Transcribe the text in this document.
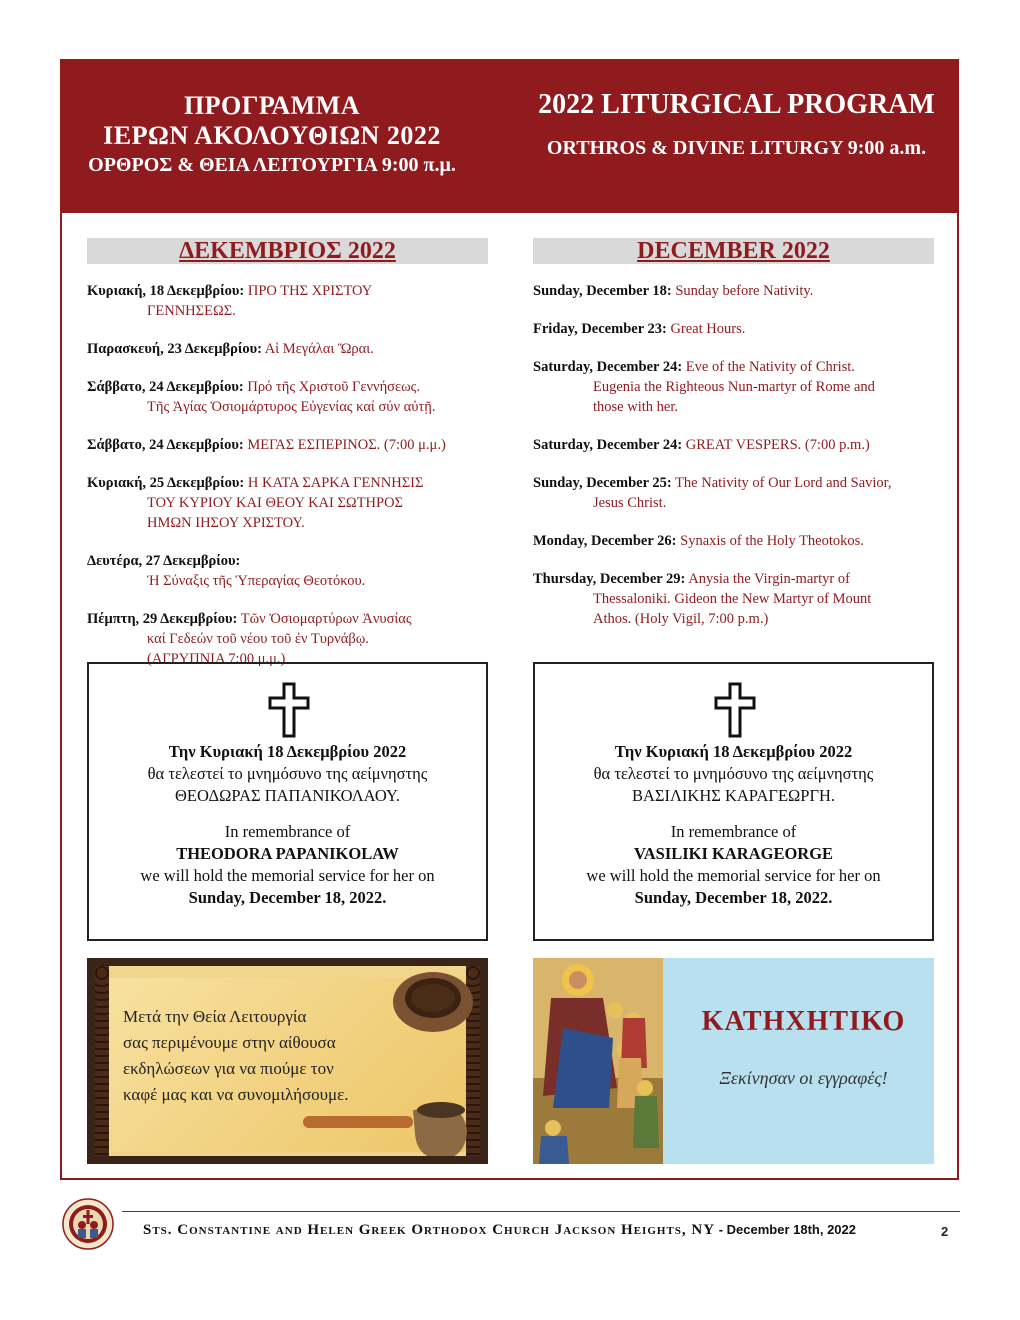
ΠΡΟΓΡΑΜΜΑ
ΙΕΡΩΝ ΑΚΟΛΟΥΘΙΩΝ 2022
ΟΡΘΡΟΣ & ΘΕΙΑ ΛΕΙΤΟΥΡΓΙΑ 9:00 π.μ.
2022 LITURGICAL PROGRAM
ORTHROS & DIVINE LITURGY 9:00 a.m.
ΔΕΚΕΜΒΡΙΟΣ 2022	DECEMBER 2022
Κυριακή, 18 Δεκεμβρίου: ΠΡΟ ΤΗΣ ΧΡΙΣΤΟΥ
ΓΕΝΝΗΣΕΩΣ.
Παρασκευή, 23 Δεκεμβρίου: Αἱ Μεγάλαι Ὥραι.
Σάββατο, 24 Δεκεμβρίου: Πρό τῆς Χριστοῦ Γεννήσεως.
Τῆς Ἁγίας Ὁσιομάρτυρος Εὐγενίας καί σύν αὐτῇ.
Σάββατο, 24 Δεκεμβρίου: ΜΕΓΑΣ ΕΣΠΕΡΙΝΟΣ. (7:00 μ.μ.)
Κυριακή, 25 Δεκεμβρίου: Η ΚΑΤΑ ΣΑΡΚΑ ΓΕΝΝΗΣΙΣ
ΤΟΥ ΚΥΡΙΟΥ ΚΑΙ ΘΕΟΥ ΚΑΙ ΣΩΤΗΡΟΣ
ΗΜΩΝ ΙΗΣΟΥ ΧΡΙΣΤΟΥ.
Δευτέρα, 27 Δεκεμβρίου:
Ἡ Σύναξις τῆς Ὑπεραγίας Θεοτόκου.
Πέμπτη, 29 Δεκεμβρίου: Τῶν Ὁσιομαρτύρων Ἀνυσίας
καί Γεδεών τοῦ νέου τοῦ ἐν Τυρνάβῳ.
(ΑΓΡΥΠΝΙΑ 7:00 μ.μ.)
Sunday, December 18: Sunday before Nativity.
Friday, December 23: Great Hours.
Saturday, December 24: Eve of the Nativity of Christ.
Eugenia the Righteous Nun-martyr of Rome and
those with her.
Saturday, December 24: GREAT VESPERS. (7:00 p.m.)
Sunday, December 25: The Nativity of Our Lord and Savior,
Jesus Christ.
Monday, December 26: Synaxis of the Holy Theotokos.
Thursday, December 29: Anysia the Virgin-martyr of
Thessaloniki. Gideon the New Martyr of Mount
Athos. (Holy Vigil, 7:00 p.m.)
Την Κυριακή 18 Δεκεμβρίου 2022
θα τελεστεί το μνημόσυνο της αείμνηστης
ΘΕΟΔΩΡΑΣ ΠΑΠΑΝΙΚΟΛΑΟΥ.
In remembrance of
THEODORA PAPANIKOLAW
we will hold the memorial service for her on
Sunday, December 18, 2022.
Την Κυριακή 18 Δεκεμβρίου 2022
θα τελεστεί το μνημόσυνο της αείμνηστης
ΒΑΣΙΛΙΚΗΣ ΚΑΡΑΓΕΩΡΓΗ.
In remembrance of
VASILIKI KARAGEORGE
we will hold the memorial service for her on
Sunday, December 18, 2022.
Μετά την Θεία Λειτουργία
σας περιμένουμε στην αίθουσα
εκδηλώσεων για να πιούμε τον
καφέ μας και να συνομιλήσουμε.
ΚΑΤΗΧΗΤΙΚΟ
Ξεκίνησαν οι εγγραφές!
Sts. Constantine and Helen Greek Orthodox Church Jackson Heights, NY - December 18th, 2022	2
